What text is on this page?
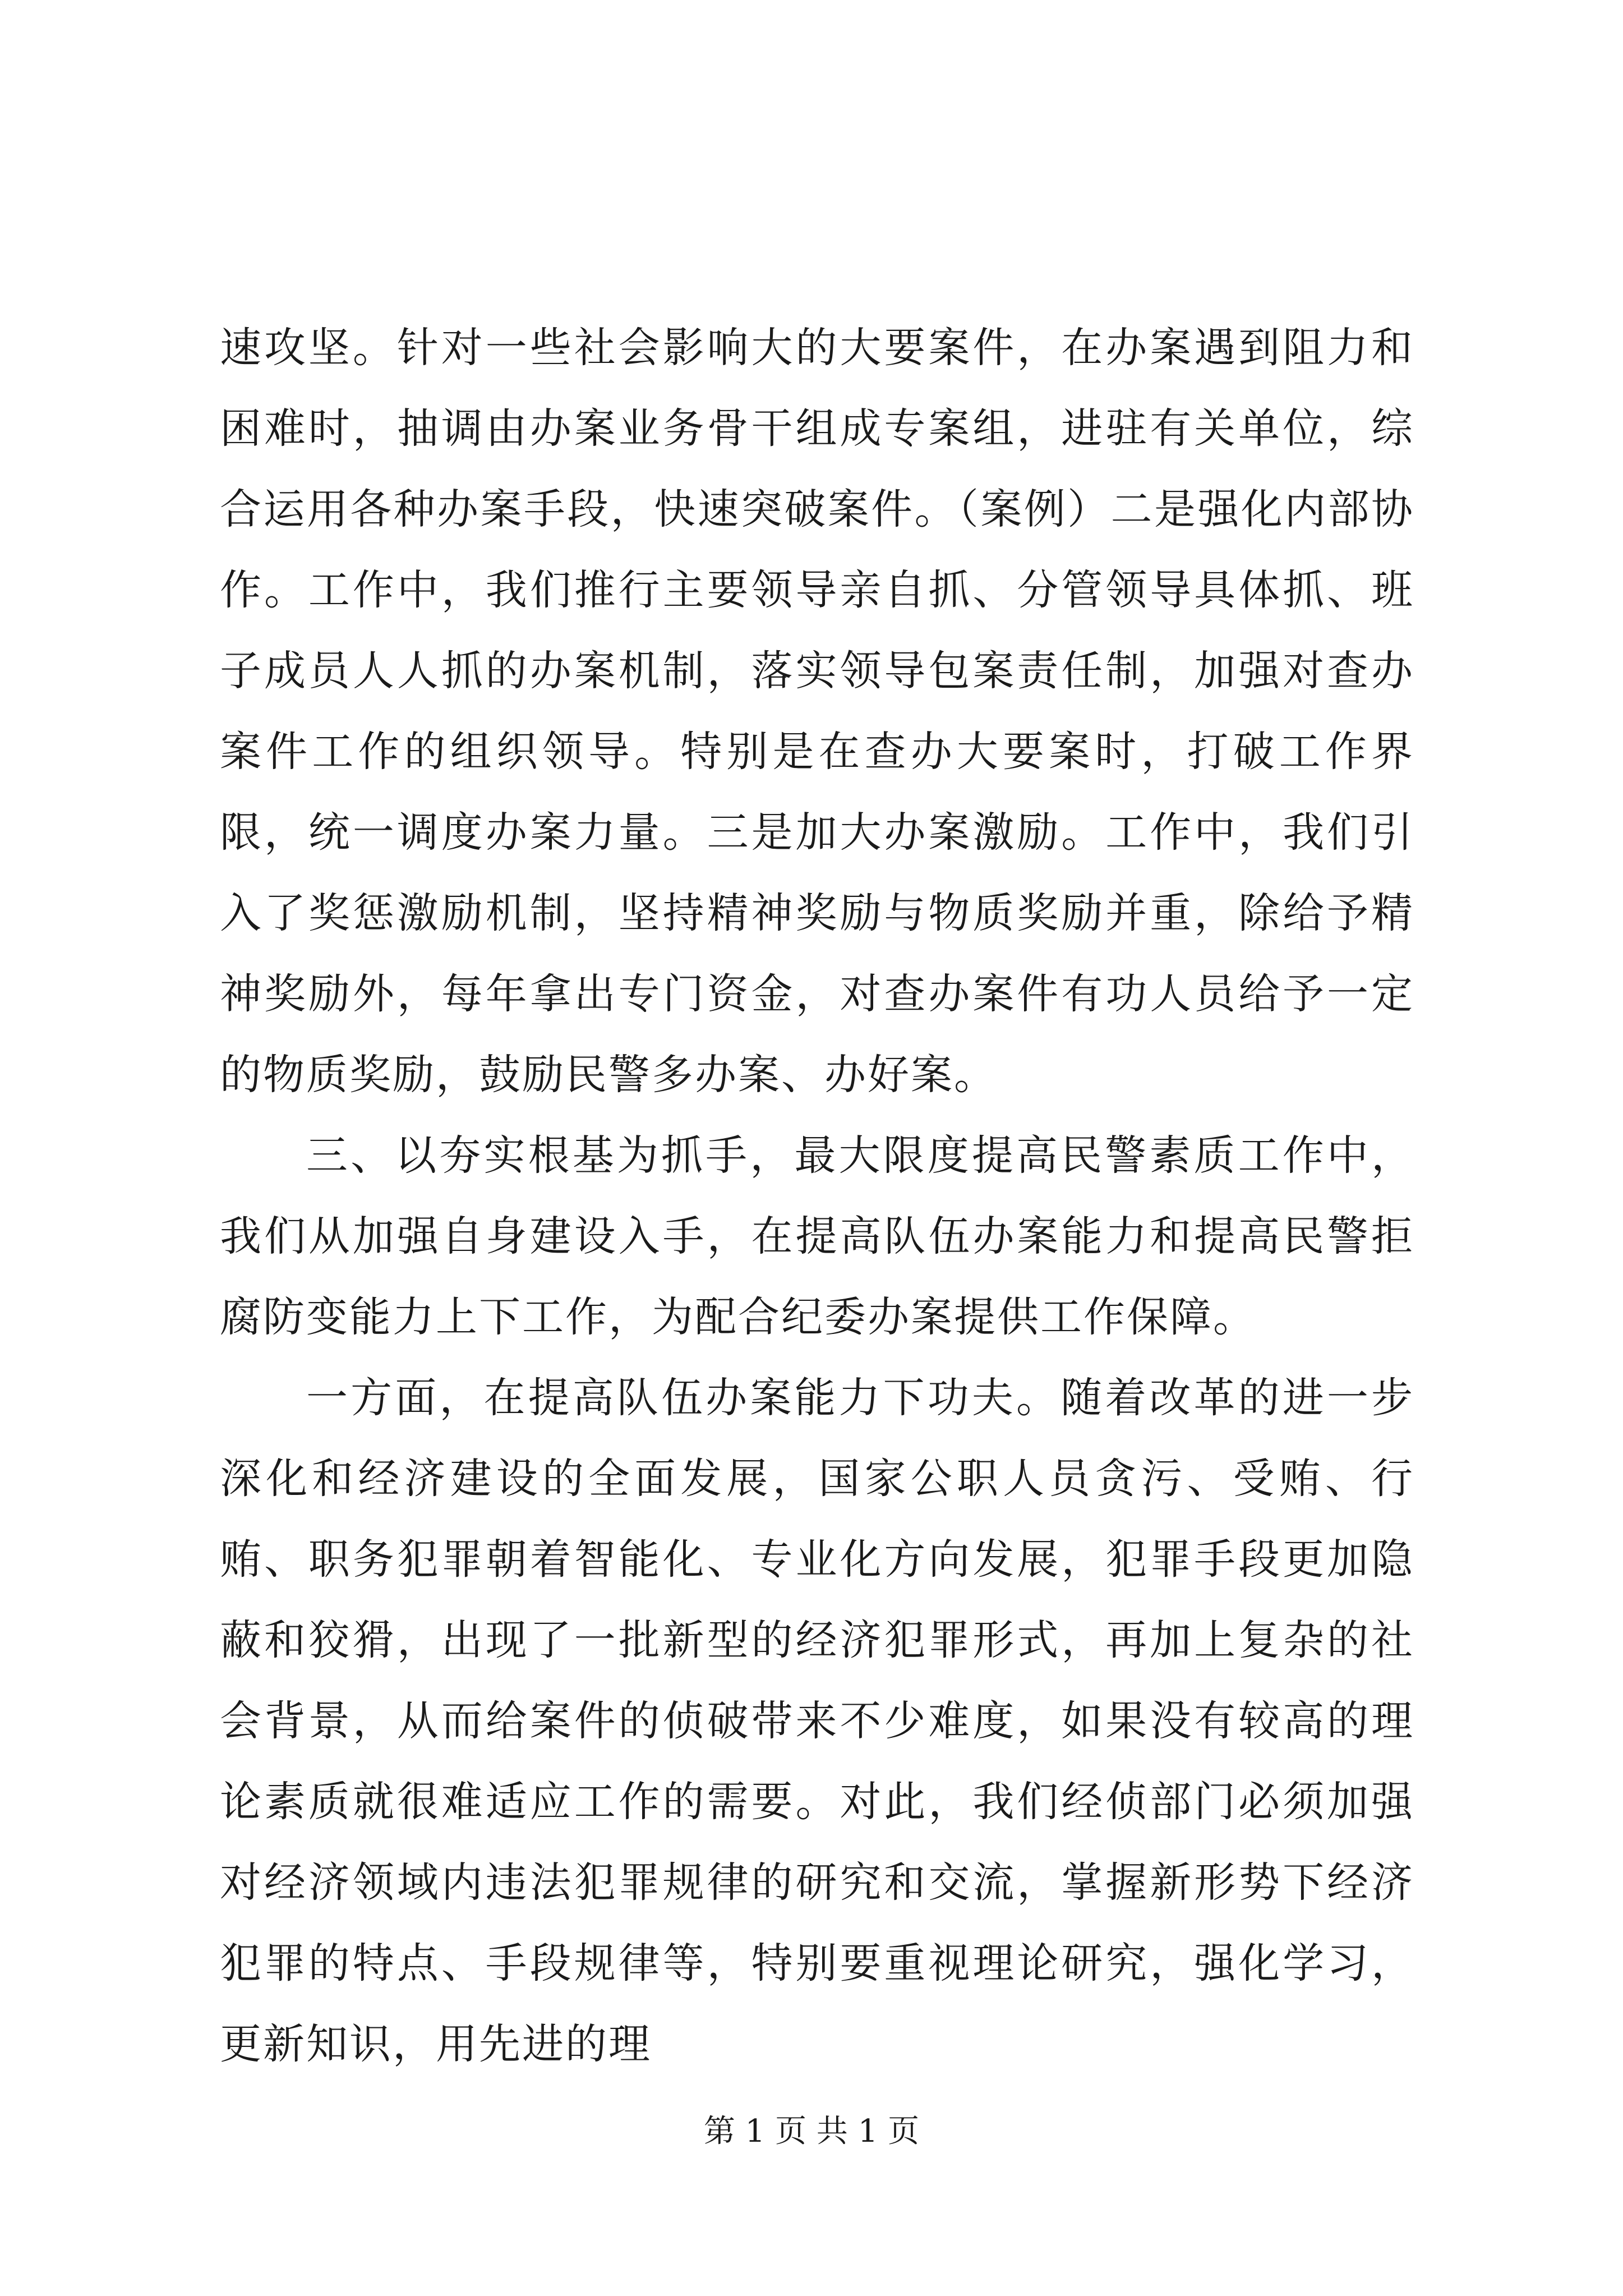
速攻坚。针对一些社会影响大的大要案件，在办案遇到阻力和困难时，抽调由办案业务骨干组成专案组，进驻有关单位，综合运用各种办案手段，快速突破案件。（案例）二是强化内部协作。工作中，我们推行主要领导亲自抓、分管领导具体抓、班子成员人人抓的办案机制，落实领导包案责任制，加强对查办案件工作的组织领导。特别是在查办大要案时，打破工作界限，统一调度办案力量。三是加大办案激励。工作中，我们引入了奖惩激励机制，坚持精神奖励与物质奖励并重，除给予精神奖励外，每年拿出专门资金，对查办案件有功人员给予一定的物质奖励，鼓励民警多办案、办好案。

三、以夯实根基为抓手，最大限度提高民警素质工作中，我们从加强自身建设入手，在提高队伍办案能力和提高民警拒腐防变能力上下工作，为配合纪委办案提供工作保障。

一方面，在提高队伍办案能力下功夫。随着改革的进一步深化和经济建设的全面发展，国家公职人员贪污、受贿、行贿、职务犯罪朝着智能化、专业化方向发展，犯罪手段更加隐蔽和狡猾，出现了一批新型的经济犯罪形式，再加上复杂的社会背景，从而给案件的侦破带来不少难度，如果没有较高的理论素质就很难适应工作的需要。对此，我们经侦部门必须加强对经济领域内违法犯罪规律的研究和交流，掌握新形势下经济犯罪的特点、手段规律等，特别要重视理论研究，强化学习，更新知识，用先进的理

第 1 页 共 1 页
